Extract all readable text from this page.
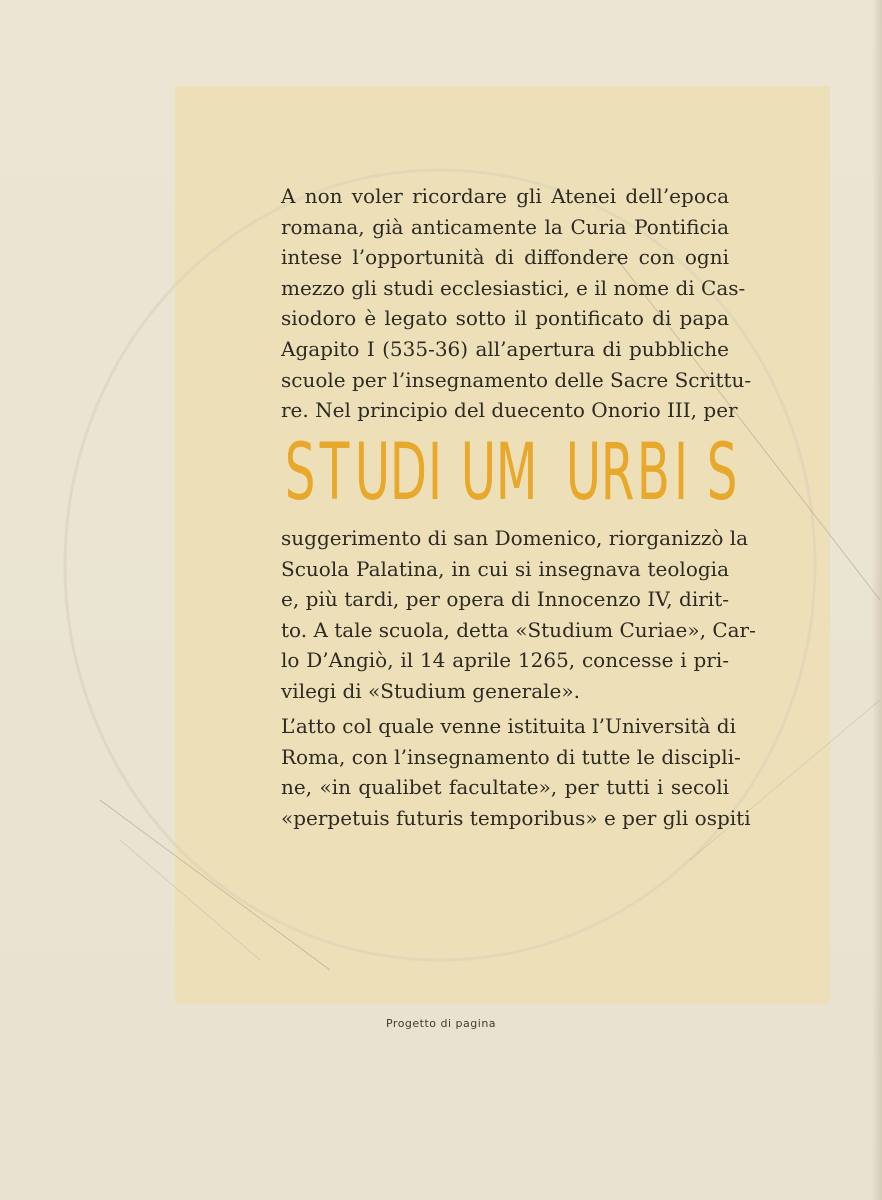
A non voler ricordare gli Atenei dell’epoca
romana, già anticamente la Curia Pontificia
intese l’opportunità di diffondere con ogni
mezzo gli studi ecclesiastici, e il nome di Cas-
siodoro è legato sotto il pontificato di papa
Agapito I (535-36) all’apertura di pubbliche
scuole per l’insegnamento delle Sacre Scrittu-
re. Nel principio del duecento Onorio III, per
S T U D I U M
U R B I S
suggerimento di san Domenico, riorganizzò la
Scuola Palatina, in cui si insegnava teologia
e, più tardi, per opera di Innocenzo IV, dirit-
to. A tale scuola, detta «Studium Curiae», Car-
lo D’Angiò, il 14 aprile 1265, concesse i pri-
vilegi di «Studium generale».
L’atto col quale venne istituita l’Università di
Roma, con l’insegnamento di tutte le discipli-
ne, «in qualibet facultate», per tutti i secoli
«perpetuis futuris temporibus» e per gli ospiti
Progetto di pagina
